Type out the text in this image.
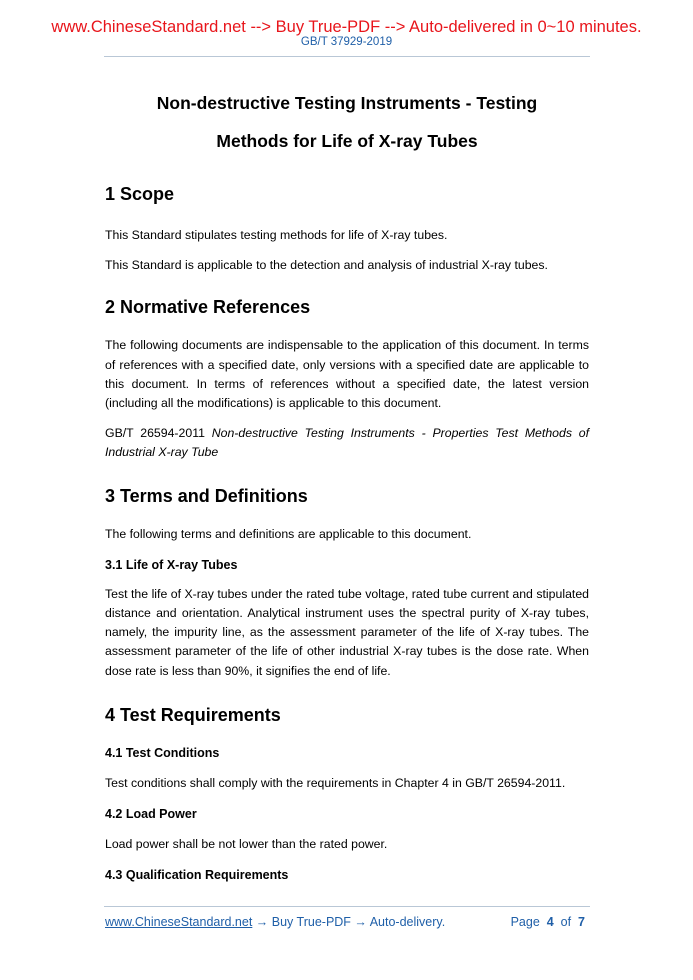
www.ChineseStandard.net --> Buy True-PDF --> Auto-delivered in 0~10 minutes.
GB/T 37929-2019
Non-destructive Testing Instruments - Testing
Methods for Life of X-ray Tubes
1 Scope

This Standard stipulates testing methods for life of X-ray tubes.

This Standard is applicable to the detection and analysis of industrial X-ray tubes.

2 Normative References

The following documents are indispensable to the application of this document. In terms of references with a specified date, only versions with a specified date are applicable to this document. In terms of references without a specified date, the latest version (including all the modifications) is applicable to this document.

GB/T 26594-2011 Non-destructive Testing Instruments - Properties Test Methods of Industrial X-ray Tube

3 Terms and Definitions

The following terms and definitions are applicable to this document.

3.1 Life of X-ray Tubes

Test the life of X-ray tubes under the rated tube voltage, rated tube current and stipulated distance and orientation. Analytical instrument uses the spectral purity of X-ray tubes, namely, the impurity line, as the assessment parameter of the life of X-ray tubes. The assessment parameter of the life of other industrial X-ray tubes is the dose rate. When dose rate is less than 90%, it signifies the end of life.

4 Test Requirements
4.1 Test Conditions

Test conditions shall comply with the requirements in Chapter 4 in GB/T 26594-2011.

4.2 Load Power

Load power shall be not lower than the rated power.

4.3 Qualification Requirements
www.ChineseStandard.net → Buy True-PDF → Auto-delivery.	Page 4 of 7
